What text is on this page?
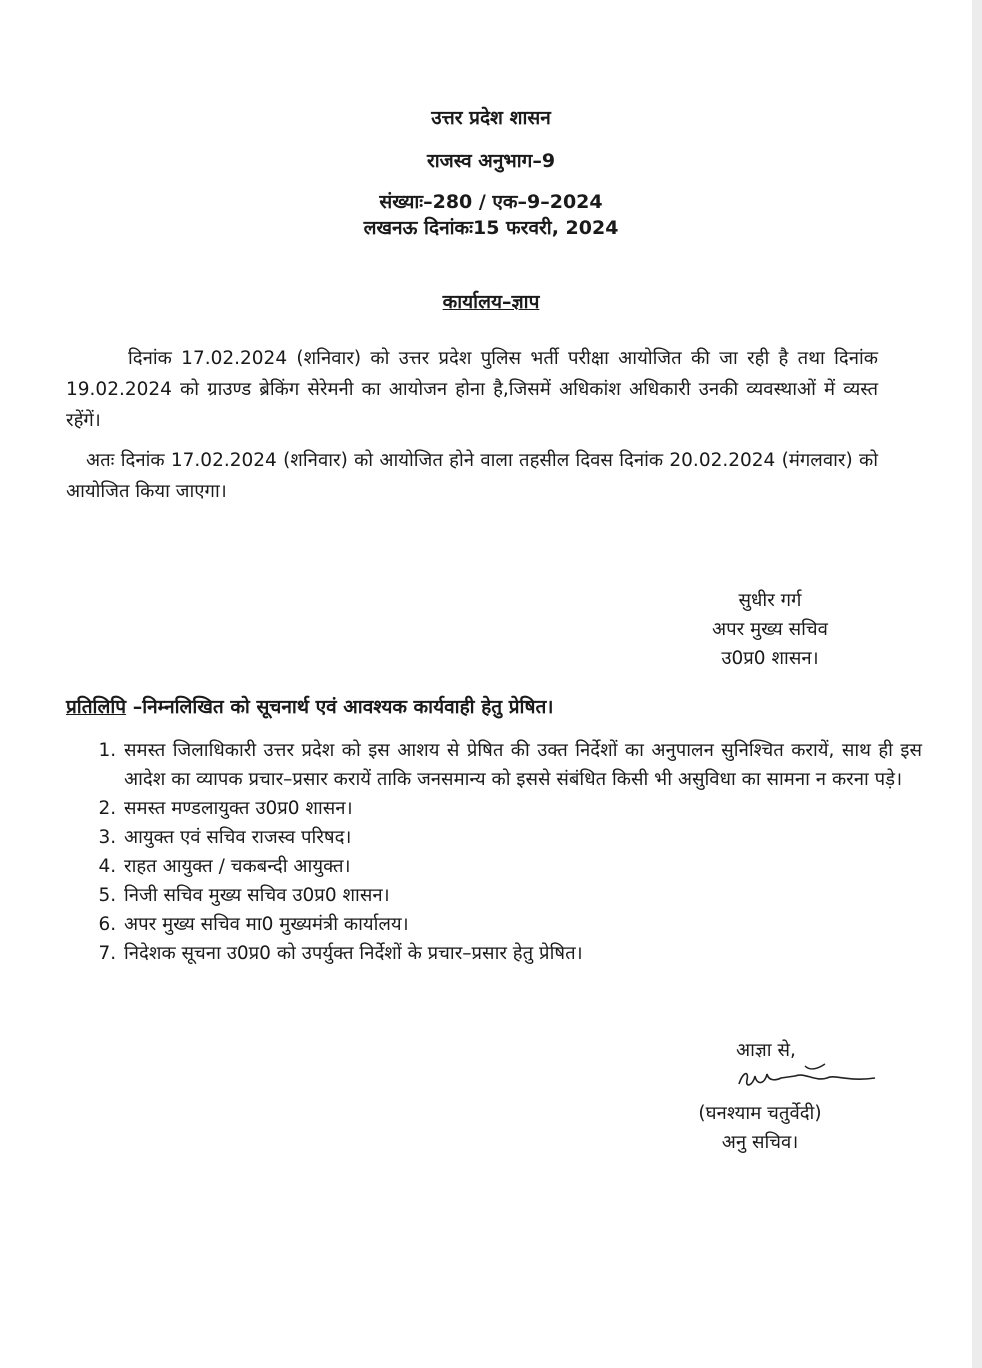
उत्तर प्रदेश शासन
राजस्व अनुभाग–9
संख्याः–280 / एक–9–2024
लखनऊ दिनांकः15 फरवरी, 2024
कार्यालय–ज्ञाप
दिनांक 17.02.2024 (शनिवार) को उत्तर प्रदेश पुलिस भर्ती परीक्षा आयोजित की जा रही है तथा दिनांक 19.02.2024 को ग्राउण्ड ब्रेकिंग सेरेमनी का आयोजन होना है,जिसमें अधिकांश अधिकारी उनकी व्यवस्थाओं में व्यस्त रहेंगें।
अतः दिनांक 17.02.2024 (शनिवार) को आयोजित होने वाला तहसील दिवस दिनांक 20.02.2024 (मंगलवार) को आयोजित किया जाएगा।
सुधीर गर्ग
अपर मुख्य सचिव
उ0प्र0 शासन।
प्रतिलिपि –निम्नलिखित को सूचनार्थ एवं आवश्यक कार्यवाही हेतु प्रेषित।
1. समस्त जिलाधिकारी उत्तर प्रदेश को इस आशय से प्रेषित की उक्त निर्देशों का अनुपालन सुनिश्चित करायें, साथ ही इस आदेश का व्यापक प्रचार–प्रसार करायें ताकि जनसमान्य को इससे संबंधित किसी भी असुविधा का सामना न करना पड़े।
2. समस्त मण्डलायुक्त उ0प्र0 शासन।
3. आयुक्त एवं सचिव राजस्व परिषद।
4. राहत आयुक्त / चकबन्दी आयुक्त।
5. निजी सचिव मुख्य सचिव उ0प्र0 शासन।
6. अपर मुख्य सचिव मा0 मुख्यमंत्री कार्यालय।
7. निदेशक सूचना उ0प्र0 को उपर्युक्त निर्देशों के प्रचार–प्रसार हेतु प्रेषित।
आज्ञा से,
(घनश्याम चतुर्वेदी)
अनु सचिव।
